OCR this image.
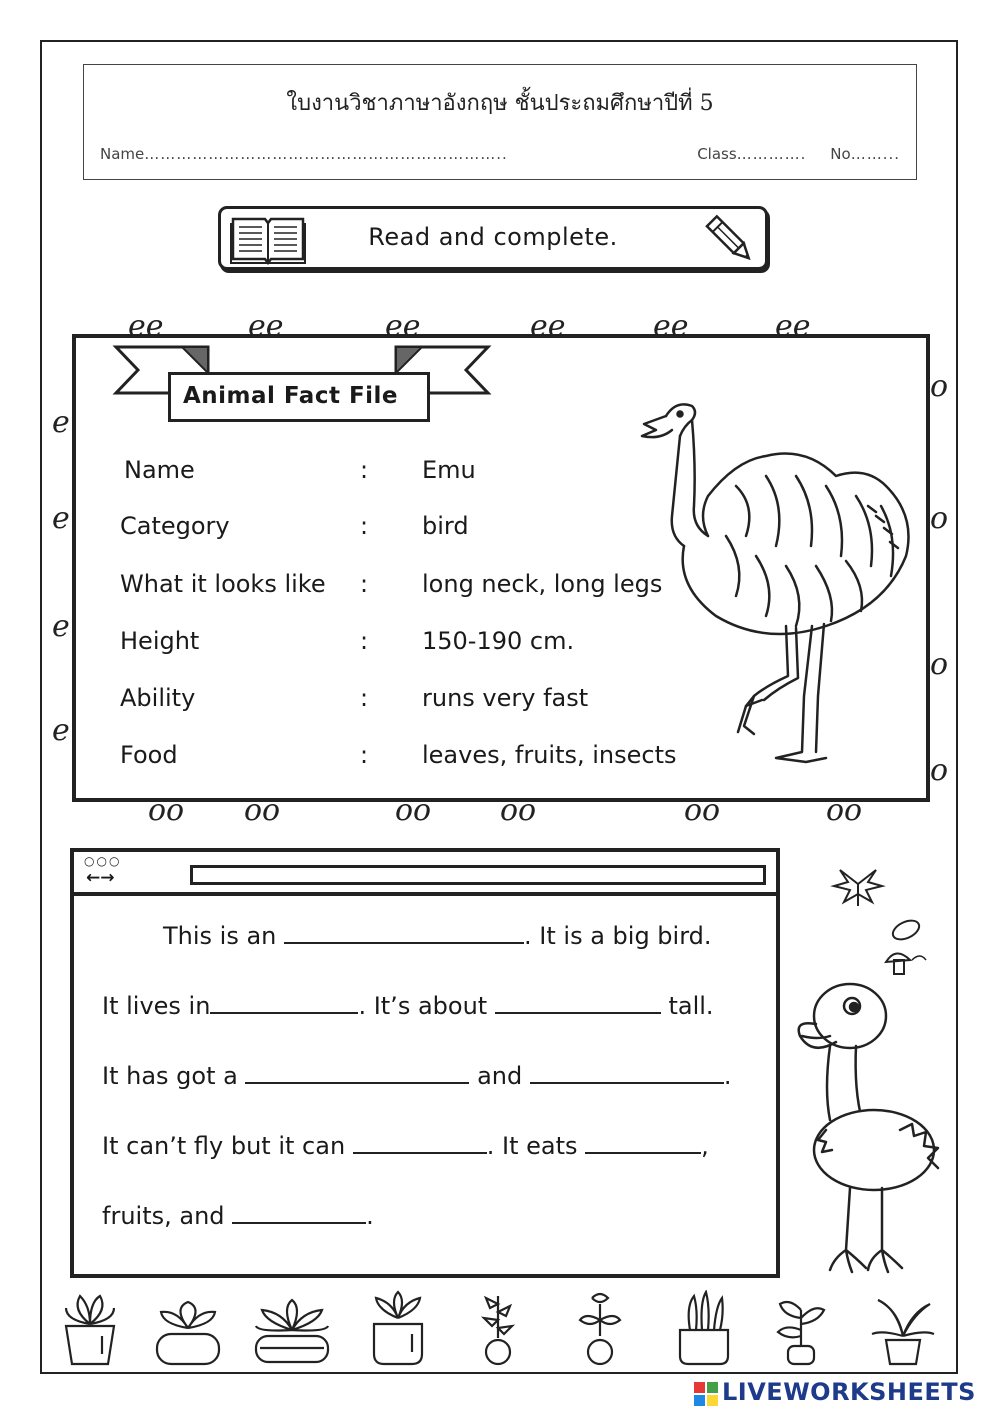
ใบงานวิชาภาษาอังกฤษ ชั้นประถมศึกษาปีที่ 5
Name…………………………………………………………..	Class…………. No……...
Read and complete.
ee	ee	ee	ee	ee	ee
oo oo	oo oo	oo	oo
e
e
e
e
o
o
o
o
Animal Fact File
Name	: Emu
Category	: bird
What it looks like : long neck, long legs
Height	: 150-190 cm.
Ability	: runs very fast
Food	: leaves, fruits, insects
○○○
←→
This is an	. It is a big bird.
It lives in	. It’s about	tall.
It has got a	and	.
It can’t fly but it can	. It eats	,
fruits, and	.
LIVEWORKSHEETS
